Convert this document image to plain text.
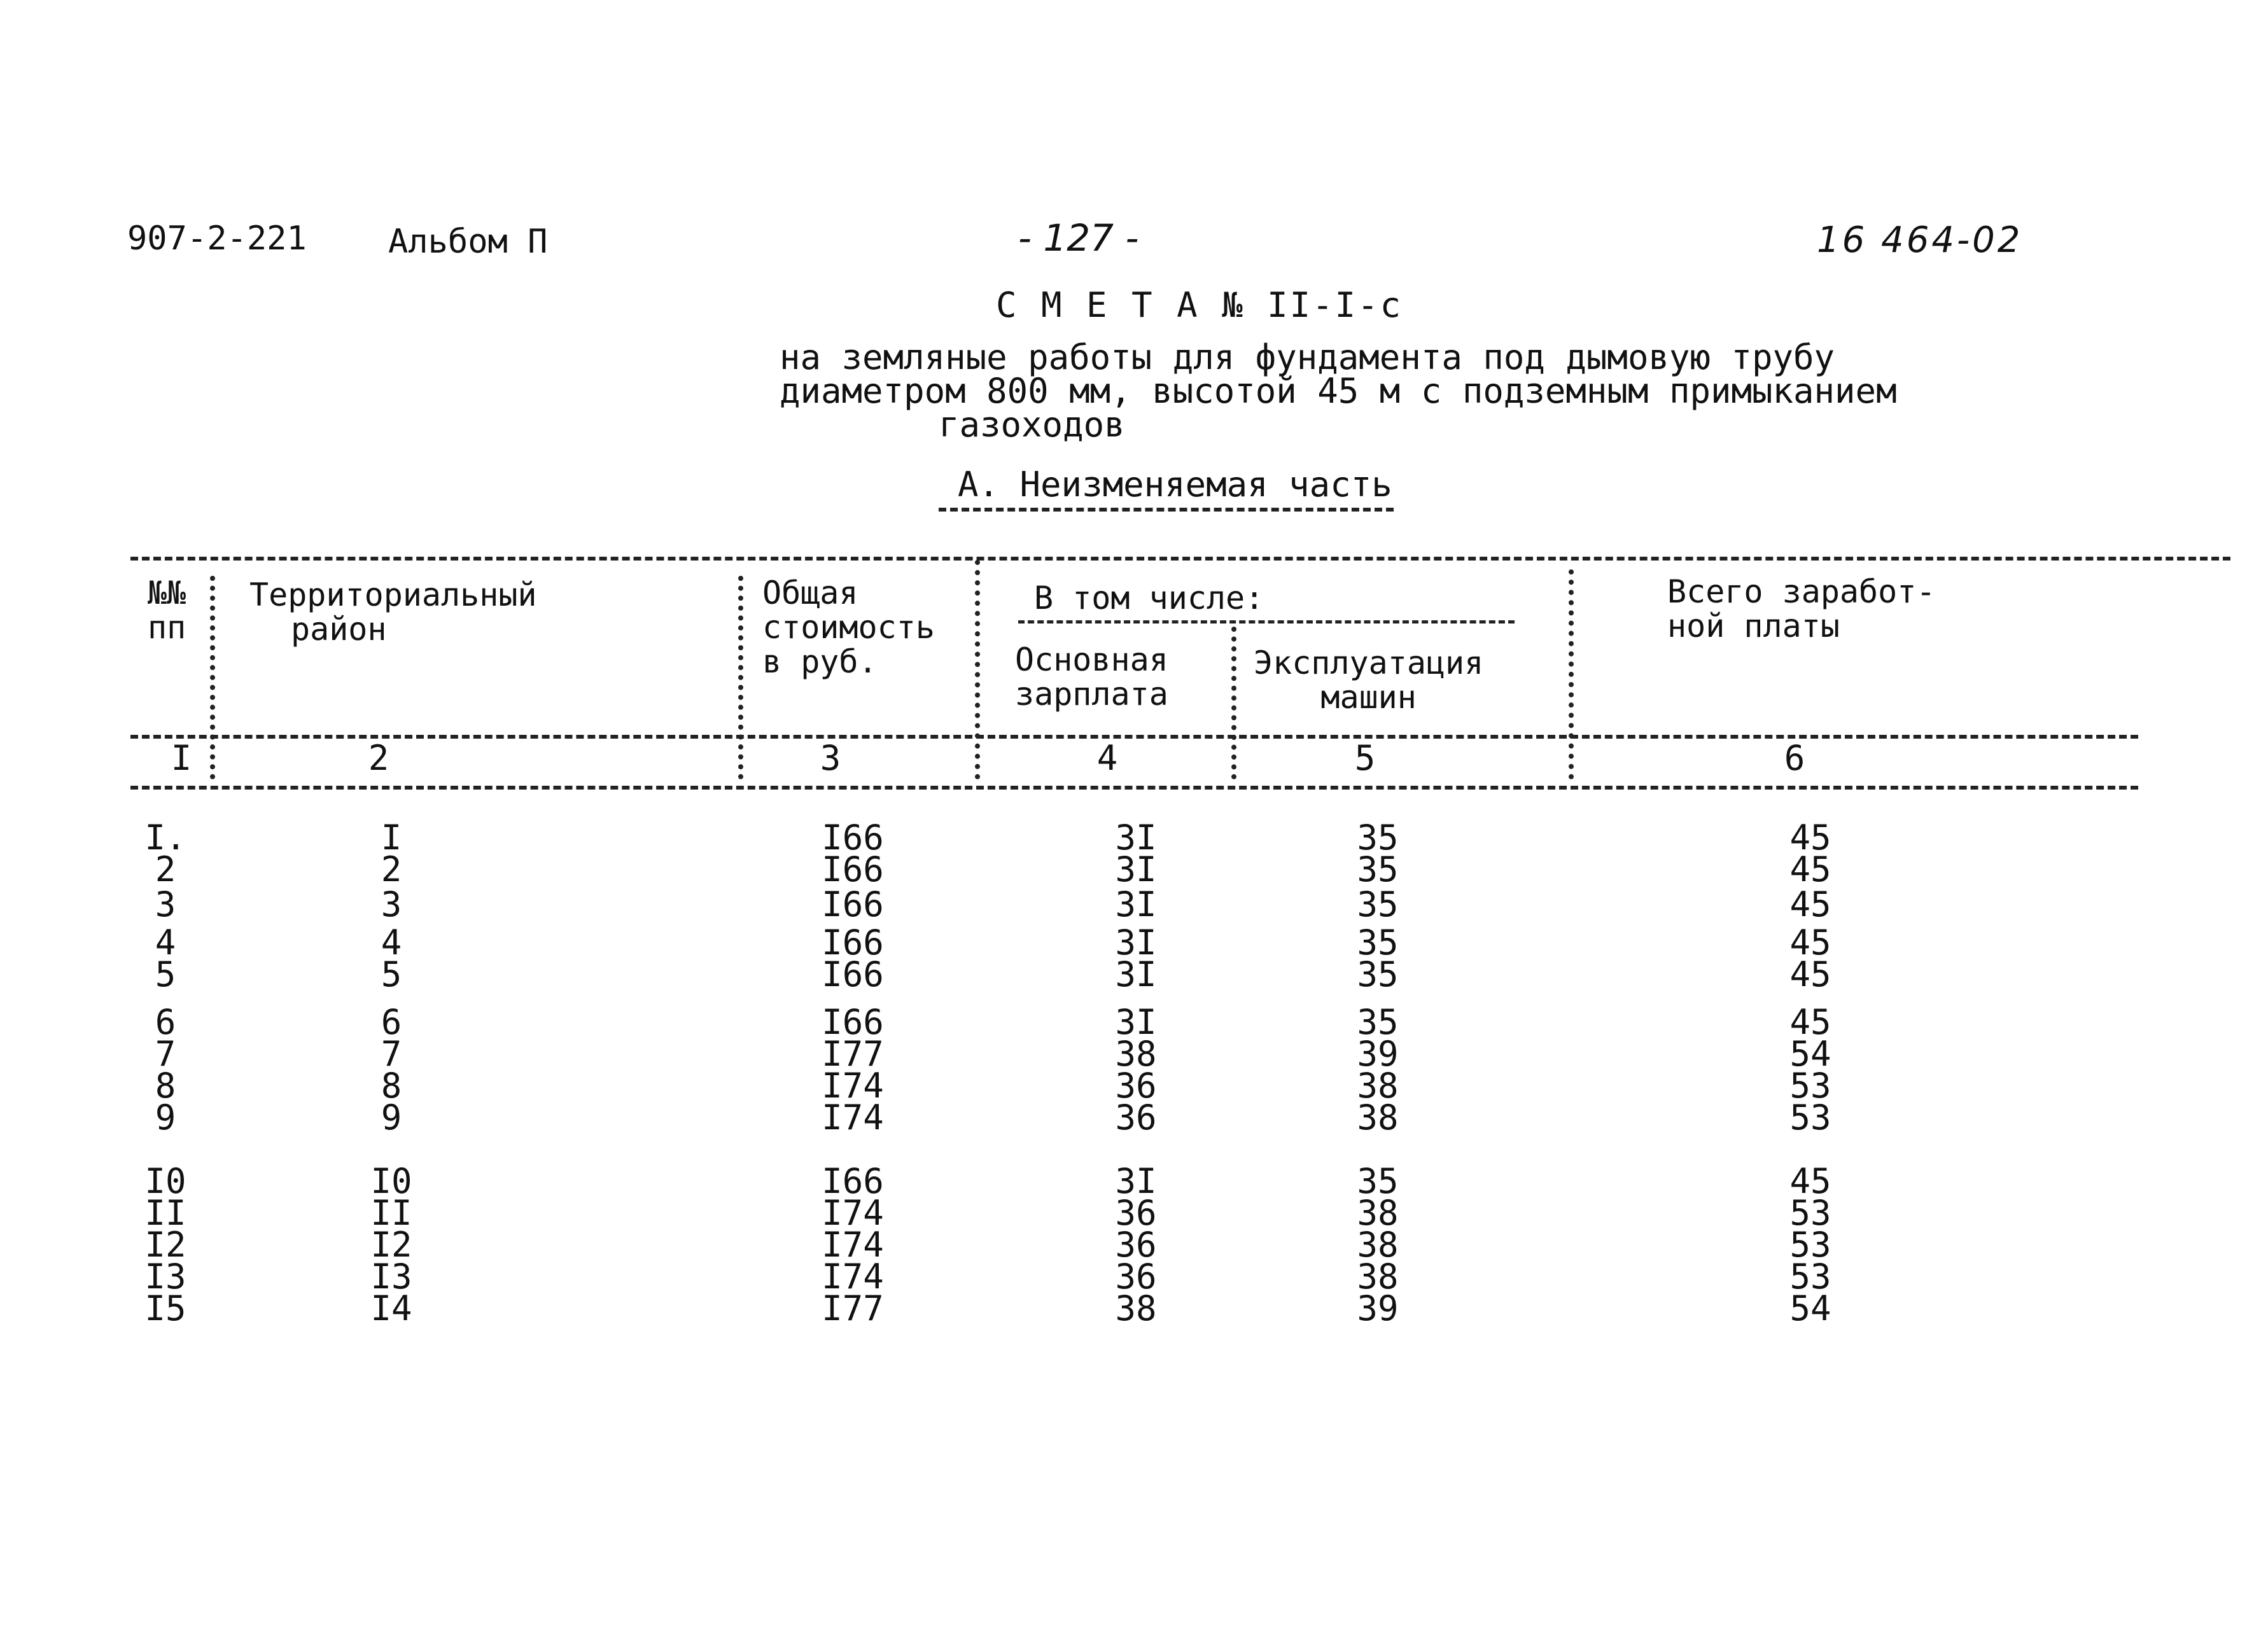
907-2-221 Альбом П	- 127 -	16 464-02
С М Е Т А № II-I-с
на земляные работы для фундамента под дымовую трубу
диаметром 800 мм, высотой 45 м с подземным примыканием
газоходов
А. Неизменяемая часть
№№
пп
Территориальный
район
Общая
стоимость
в руб.
В том числе:
Основная
зарплата
Эксплуатация
машин
Всего заработ-
ной платы
I	2	3	4	5	6
I.	I	I66	3I	35	45
2	2	I66	3I	35	45
3	3	I66	3I	35	45
4	4	I66	3I	35	45
5	5	I66	3I	35	45
6	6	I66	3I	35	45
7	7	I77	38	39	54
8	8	I74	36	38	53
9	9	I74	36	38	53
I0	I0	I66	3I	35	45
II	II	I74	36	38	53
I2	I2	I74	36	38	53
I3	I3	I74	36	38	53
I5	I4	I77	38	39	54
